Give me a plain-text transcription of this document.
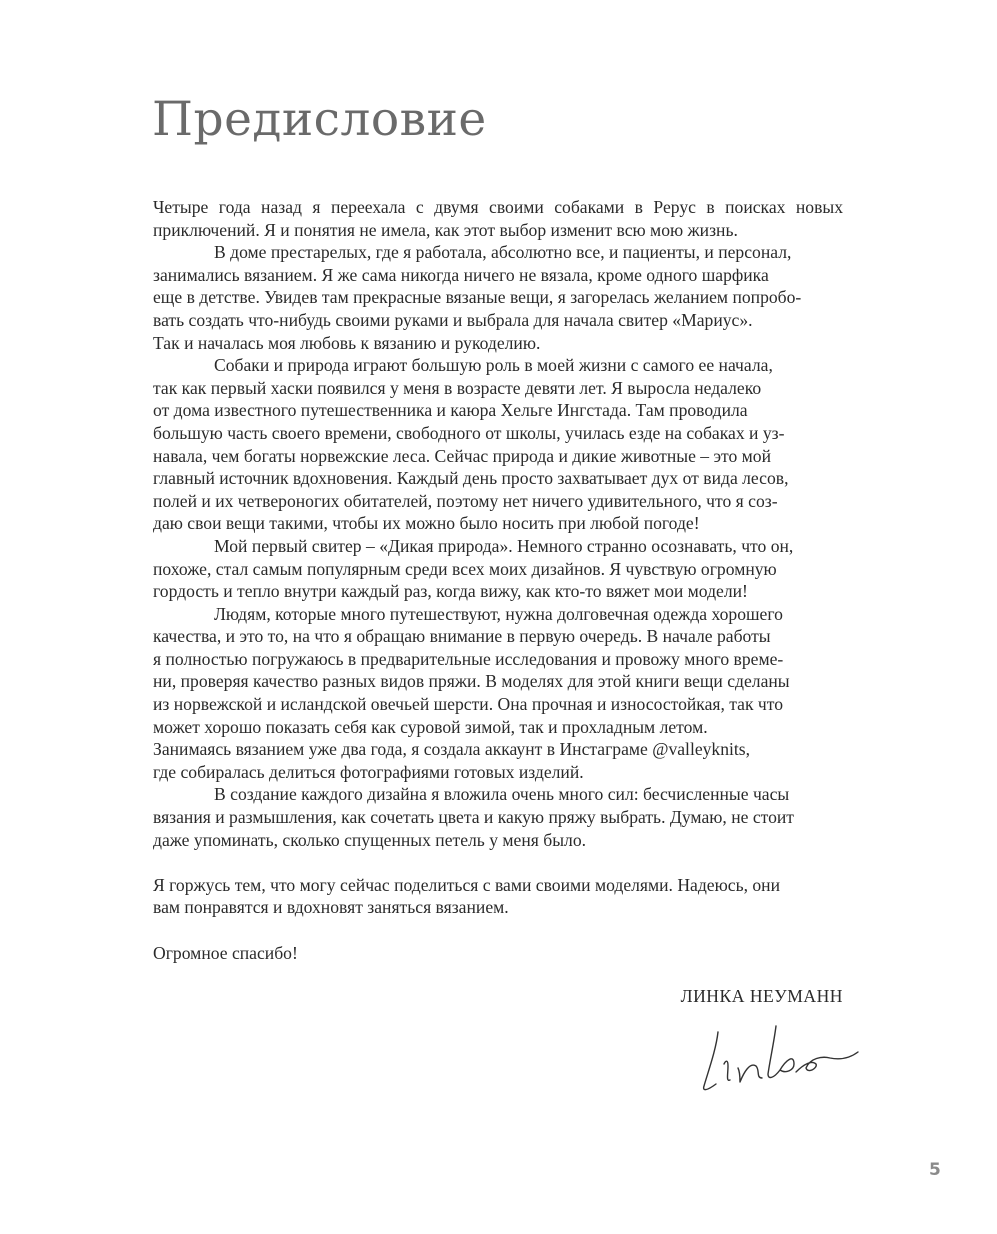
Предисловие
Четыре года назад я переехала с двумя своими собаками в Рерус в поисках новых
приключений. Я и понятия не имела, как этот выбор изменит всю мою жизнь.
В доме престарелых, где я работала, абсолютно все, и пациенты, и персонал,
занимались вязанием. Я же сама никогда ничего не вязала, кроме одного шарфика
еще в детстве. Увидев там прекрасные вязаные вещи, я загорелась желанием попробо-
вать создать что-нибудь своими руками и выбрала для начала свитер «Мариус».
Так и началась моя любовь к вязанию и рукоделию.
Собаки и природа играют большую роль в моей жизни с самого ее начала,
так как первый хаски появился у меня в возрасте девяти лет. Я выросла недалеко
от дома известного путешественника и каюра Хельге Ингстада. Там проводила
большую часть своего времени, свободного от школы, училась езде на собаках и уз-
навала, чем богаты норвежские леса. Сейчас природа и дикие животные – это мой
главный источник вдохновения. Каждый день просто захватывает дух от вида лесов,
полей и их четвероногих обитателей, поэтому нет ничего удивительного, что я соз-
даю свои вещи такими, чтобы их можно было носить при любой погоде!
Мой первый свитер – «Дикая природа». Немного странно осознавать, что он,
похоже, стал самым популярным среди всех моих дизайнов. Я чувствую огромную
гордость и тепло внутри каждый раз, когда вижу, как кто-то вяжет мои модели!
Людям, которые много путешествуют, нужна долговечная одежда хорошего
качества, и это то, на что я обращаю внимание в первую очередь. В начале работы
я полностью погружаюсь в предварительные исследования и провожу много време-
ни, проверяя качество разных видов пряжи. В моделях для этой книги вещи сделаны
из норвежской и исландской овечьей шерсти. Она прочная и износостойкая, так что
может хорошо показать себя как суровой зимой, так и прохладным летом.
Занимаясь вязанием уже два года, я создала аккаунт в Инстаграме @valleyknits,
где собиралась делиться фотографиями готовых изделий.
В создание каждого дизайна я вложила очень много сил: бесчисленные часы
вязания и размышления, как сочетать цвета и какую пряжу выбрать. Думаю, не стоит
даже упоминать, сколько спущенных петель у меня было.
Я горжусь тем, что могу сейчас поделиться с вами своими моделями. Надеюсь, они
вам понравятся и вдохновят заняться вязанием.
Огромное спасибо!
ЛИНКА НЕУМАНН
5
